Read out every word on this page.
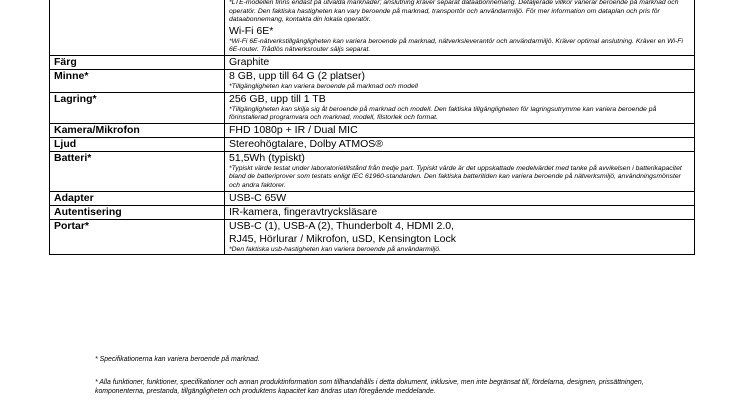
	*LTE-modellen finns endast på utvalda marknader; anslutning kräver separat dataabonnemang. Detaljerade villkor varierar beroende på marknad och operatör. Den faktiska hastigheten kan vary beroende på marknad, transportör och användarmiljö. För mer information om dataplan och pris för dataabonnemang, kontakta din lokala operatör.
Wi-Fi 6E*
*Wi-Fi 6E-nätverkstillgängligheten kan variera beroende på marknad, nätverksleverantör och användarmiljö. Kräver optimal anslutning. Kräver en Wi-Fi 6E-router. Trådlös nätverksrouter säljs separat.

Färg	Graphite

Minne*	8 GB, upp till 64 G (2 platser)
*Tillgängligheten kan variera beroende på marknad och modell

Lagring*	256 GB, upp till 1 TB
*Tillgängligheten kan skilja sig åt beroende på marknad och modell. Den faktiska tillgängligheten för lagringsutrymme kan variera beroende på förinstallerad programvara och marknad, modell, filstorlek och format.

Kamera/Mikrofon	FHD 1080p + IR / Dual MIC

Ljud	Stereohögtalare, Dolby ATMOS®

Batteri*	51,5Wh (typiskt)
*Typiskt värde testat under laboratorietillstånd från tredje part. Typiskt värde är det uppskattade medelvärdet med tanke på avvikelsen i batterikapacitet bland de batteriprover som testats enligt IEC 61960-standarden. Den faktiska batteritiden kan variera beroende på nätverksmiljö, användningsmönster och andra faktorer.

Adapter	USB-C 65W

Autentisering	IR-kamera, fingeravtrycksläsare

Portar*	USB-C (1), USB-A (2), Thunderbolt 4, HDMI 2.0,
RJ45, Hörlurar / Mikrofon, uSD, Kensington Lock
*Den faktiska usb-hastigheten kan variera beroende på användarmiljö.

* Specifikationerna kan variera beroende på marknad.

* Alla funktioner, funktioner, specifikationer och annan produktinformation som tillhandahålls i detta dokument, inklusive, men inte begränsat till, fördelarna, designen, prissättningen, komponenterna, prestanda, tillgängligheten och produktens kapacitet kan ändras utan föregående meddelande.
